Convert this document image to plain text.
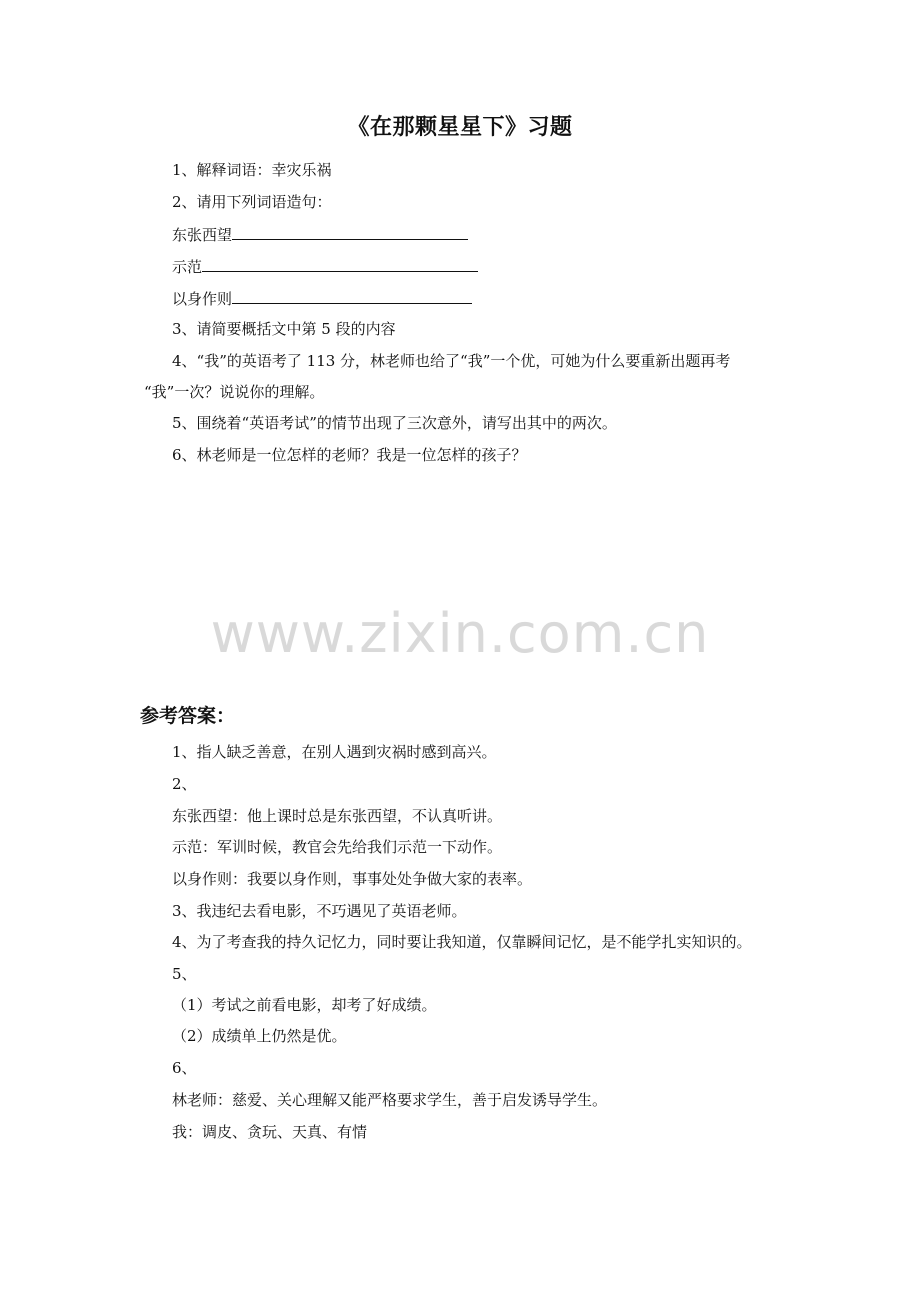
《在那颗星星下》习题
1、解释词语：幸灾乐祸
2、请用下列词语造句：
东张西望
示范
以身作则
3、请简要概括文中第 5 段的内容
4、“我”的英语考了 113 分，林老师也给了“我”一个优，可她为什么要重新出题再考
“我”一次？说说你的理解。
5、围绕着“英语考试”的情节出现了三次意外，请写出其中的两次。
6、林老师是一位怎样的老师？我是一位怎样的孩子？
www.zixin.com.cn
参考答案：
1、指人缺乏善意，在别人遇到灾祸时感到高兴。
2、
东张西望：他上课时总是东张西望，不认真听讲。
示范：军训时候，教官会先给我们示范一下动作。
以身作则：我要以身作则，事事处处争做大家的表率。
3、我违纪去看电影，不巧遇见了英语老师。
4、为了考查我的持久记忆力，同时要让我知道，仅靠瞬间记忆，是不能学扎实知识的。
5、
（1）考试之前看电影，却考了好成绩。
（2）成绩单上仍然是优。
6、
林老师：慈爱、关心理解又能严格要求学生，善于启发诱导学生。
我：调皮、贪玩、天真、有情
